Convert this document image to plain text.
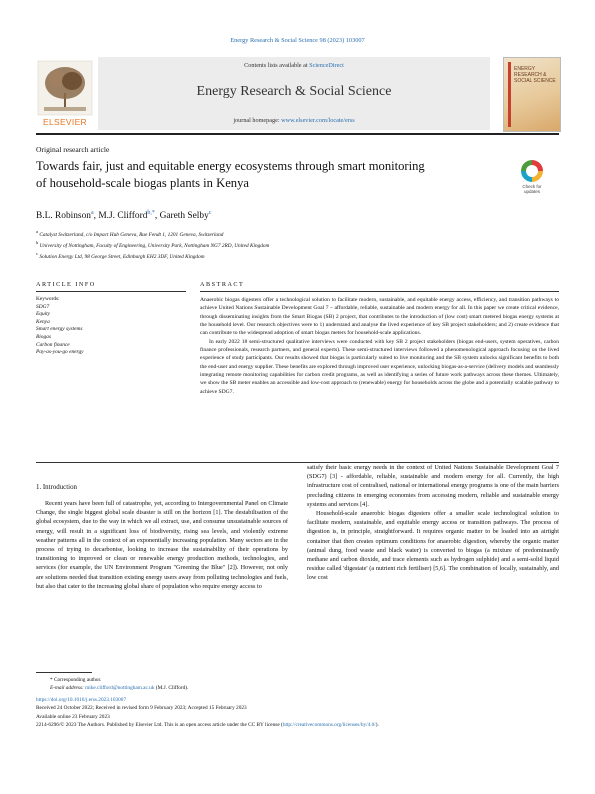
Energy Research & Social Science 98 (2023) 103007
ELSEVIER
Contents lists available at ScienceDirect
Energy Research & Social Science
journal homepage: www.elsevier.com/locate/erss
ENERGY RESEARCH & SOCIAL SCIENCE
Original research article
Towards fair, just and equitable energy ecosystems through smart monitoring of household-scale biogas plants in Kenya	Check for updates
B.L. Robinson$^a$, M.J. Clifford$^{b,*}$, Gareth Selby$^c$
$^a$ Catalyst Switzerland, c/o Impact Hub Geneva, Rue Fendt 1, 1201 Geneva, Switzerland
$^b$ University of Nottingham, Faculty of Engineering, University Park, Nottingham NG7 2RD, United Kingdom
$^c$ Solution Energy Ltd, 98 George Street, Edinburgh EH2 3DF, United Kingdom
ARTICLE INFO	ABSTRACT
Keywords:
SDG7
Equity
Kenya
Smart energy systems
Biogas
Carbon finance
Pay-as-you-go energy

Anaerobic biogas digesters offer a technological solution to facilitate modern, sustainable, and equitable energy access, efficiency, and transition pathways to achieve United Nations Sustainable Development Goal 7 – affordable, reliable, sustainable and modern energy for all. In this paper we create critical evidence, through disseminating insights from the Smart Biogas (SB) 2 project, that contributes to the introduction of (low cost) smart metered biogas energy systems at the household level. Our research objectives were to 1) understand and analyse the lived experience of key SB project stakeholders; and 2) create evidence that can contribute to the widespread adoption of smart biogas meters for household-scale applications.

In early 2022 18 semi-structured qualitative interviews were conducted with key SB 2 project stakeholders (biogas end-users, system operatives, carbon finance professionals, research partners, and general experts). These semi-structured interviews followed a phenomenological approach focusing on the lived experience of study participants. Our results showed that biogas is particularly suited to live monitoring and the SB system unlocks significant benefits to both the end-user and energy supplier. These benefits are explored through improved user experience, unlocking biogas-as-a-service (delivery models and seamlessly integrating remote monitoring capabilities for carbon credit programs, as well as identifying a series of future work pathways across these themes. Ultimately, we show the SB meter enables an accessible and low-cost approach to (renewable) energy for households across the globe and a potentially scalable pathway to achieve SDG7.

1. Introduction

Recent years have been full of catastrophe, yet, according to Intergovernmental Panel on Climate Change, the single biggest global scale disaster is still on the horizon [1]. The destabilisation of the global ecosystem, due to the way in which we all extract, use, and consume unsustainable sources of energy, will result in a significant loss of biodiversity, rising sea levels, and violently extreme weather patterns all in the context of an exponentially increasing population. Many sectors are in the process of trying to decarbonise, looking to increase the sustainability of their operations by transitioning to improved or clean or renewable energy production methods, technologies, and services (for example, the UN Environment Program "Greening the Blue" [2]). However, not only are solutions needed that transition existing energy users away from polluting technologies and fuels, but also that cater to the increasing global share of population who require energy access to

satisfy their basic energy needs in the context of United Nations Sustainable Development Goal 7 (SDG7) [3] - affordable, reliable, sustainable and modern energy for all. Currently, the high infrastructure cost of centralised, national or international energy programs is one of the main barriers precluding citizens in emerging economies from accessing modern, reliable and sustainable energy systems and services [4].

Household-scale anaerobic biogas digesters offer a smaller scale technological solution to facilitate modern, sustainable, and equitable energy access or transition pathways. The process of digestion is, in principle, straightforward. It requires organic matter to be loaded into an airtight container that then creates optimum conditions for anaerobic digestion, whereby the organic matter (animal dung, food waste and black water) is converted to biogas (a mixture of predominantly methane and carbon dioxide, and trace elements such as hydrogen sulphide) and a semi-solid liquid residue called 'digestate' (a nutrient rich fertiliser) [5,6]. The combination of locally, sustainably, and low cost

* Corresponding author.
E-mail address: mike.clifford@nottingham.ac.uk (M.J. Clifford).
https://doi.org/10.1016/j.erss.2023.103007
Received 24 October 2022; Received in revised form 9 February 2023; Accepted 15 February 2023
Available online 23 February 2023
2214-6296/© 2023 The Authors. Published by Elsevier Ltd. This is an open access article under the CC BY license (http://creativecommons.org/licenses/by/4.0/).
